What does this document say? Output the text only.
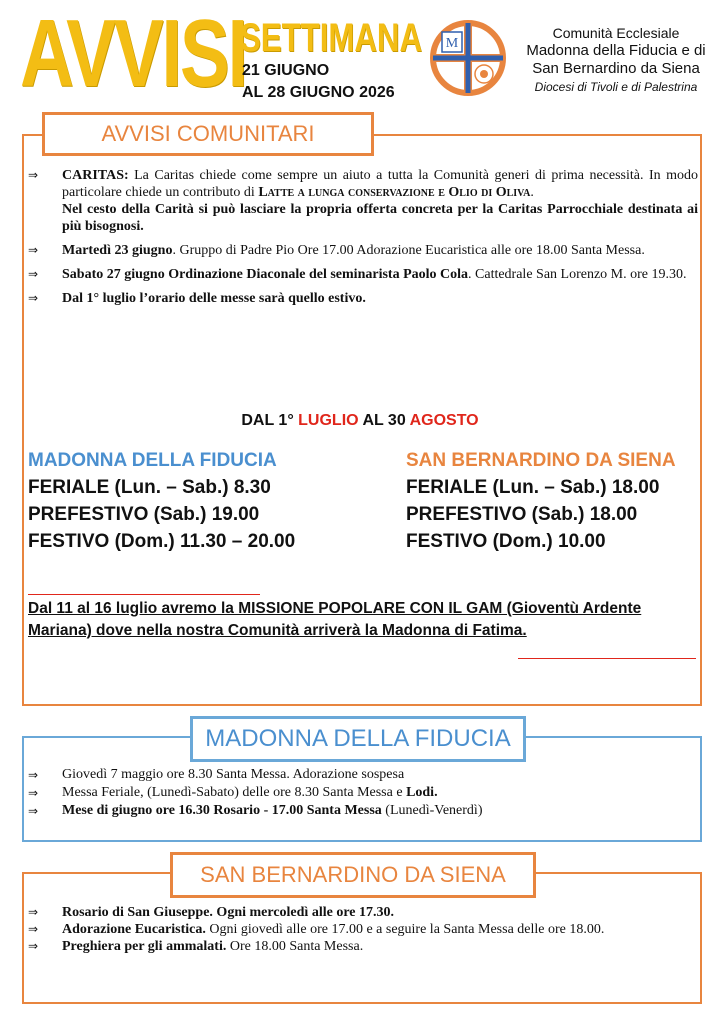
AVVISI
SETTIMANA
21 GIUGNO
AL 28 GIUGNO 2026
M
Comunità Ecclesiale
Madonna della Fiducia e di
San Bernardino da Siena
Diocesi di Tivoli e di Palestrina
AVVISI COMUNITARI
⇒ CARITAS: La Caritas chiede come sempre un aiuto a tutta la Comunità generi di prima necessità. In modo particolare chiede un contributo di Latte a lunga conservazione e Olio di Oliva.
Nel cesto della Carità si può lasciare la propria offerta concreta per la Caritas Parrocchiale destinata ai più bisognosi.
⇒ Martedì 23 giugno. Gruppo di Padre Pio Ore 17.00 Adorazione Eucaristica alle ore 18.00 Santa Messa.
⇒ Sabato 27 giugno Ordinazione Diaconale del seminarista Paolo Cola. Cattedrale San Lorenzo M. ore 19.30.
⇒ Dal 1° luglio l’orario delle messe sarà quello estivo.
DAL 1° LUGLIO AL 30 AGOSTO
MADONNA DELLA FIDUCIA
FERIALE (Lun. – Sab.) 8.30
PREFESTIVO (Sab.) 19.00
FESTIVO (Dom.) 11.30 – 20.00
SAN BERNARDINO DA SIENA
FERIALE (Lun. – Sab.) 18.00
PREFESTIVO (Sab.) 18.00
FESTIVO (Dom.) 10.00
Dal 11 al 16 luglio avremo la MISSIONE POPOLARE CON IL GAM (Gioventù Ardente Mariana) dove nella nostra Comunità arriverà la Madonna di Fatima.
MADONNA DELLA FIDUCIA
⇒ Giovedì 7 maggio ore 8.30 Santa Messa. Adorazione sospesa
⇒ Messa Feriale, (Lunedì-Sabato) delle ore 8.30 Santa Messa e Lodi.
⇒ Mese di giugno ore 16.30 Rosario - 17.00 Santa Messa (Lunedì-Venerdì)
SAN BERNARDINO DA SIENA
⇒ Rosario di San Giuseppe. Ogni mercoledì alle ore 17.30.
⇒ Adorazione Eucaristica. Ogni giovedì alle ore 17.00 e a seguire la Santa Messa delle ore 18.00.
⇒ Preghiera per gli ammalati. Ore 18.00 Santa Messa.
